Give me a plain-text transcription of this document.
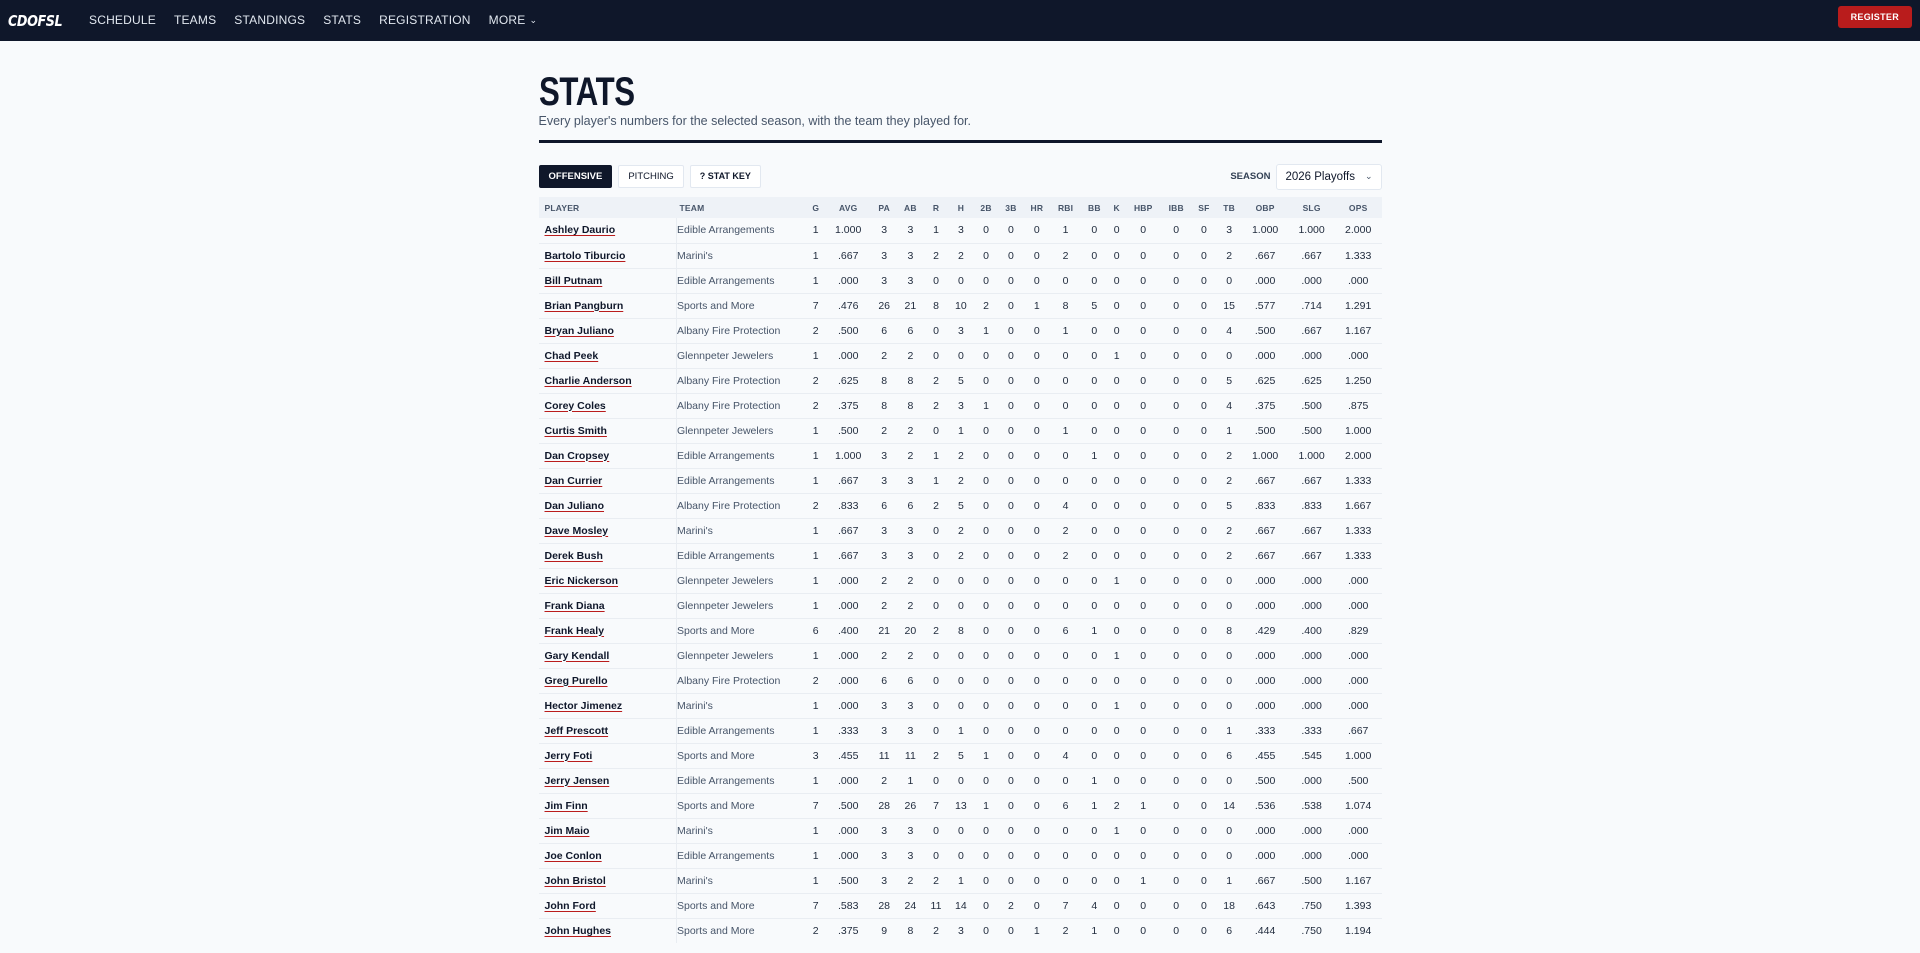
CDOFSL	SCHEDULE	TEAMS	STANDINGS	STATS	REGISTRATION	MORE ⌄	REGISTER
STATS

Every player's numbers for the selected season, with the team they played for.

OFFENSIVE	PITCHING	? STAT KEY	SEASON 2026 Playoffs ⌄
PLAYER	TEAM	G	AVG	PA	AB	R	H	2B	3B	HR	RBI	BB	K	HBP	IBB	SF	TB	OBP	SLG	OPS
Ashley Daurio	Edible Arrangements	1	1.000	3	3	1	3	0	0	0	1	0	0	0	0	0	3	1.000	1.000	2.000
Bartolo Tiburcio	Marini's	1	.667	3	3	2	2	0	0	0	2	0	0	0	0	0	2	.667	.667	1.333
Bill Putnam	Edible Arrangements	1	.000	3	3	0	0	0	0	0	0	0	0	0	0	0	0	.000	.000	.000
Brian Pangburn	Sports and More	7	.476	26	21	8	10	2	0	1	8	5	0	0	0	0	15	.577	.714	1.291
Bryan Juliano	Albany Fire Protection	2	.500	6	6	0	3	1	0	0	1	0	0	0	0	0	4	.500	.667	1.167
Chad Peek	Glennpeter Jewelers	1	.000	2	2	0	0	0	0	0	0	0	1	0	0	0	0	.000	.000	.000
Charlie Anderson	Albany Fire Protection	2	.625	8	8	2	5	0	0	0	0	0	0	0	0	0	5	.625	.625	1.250
Corey Coles	Albany Fire Protection	2	.375	8	8	2	3	1	0	0	0	0	0	0	0	0	4	.375	.500	.875
Curtis Smith	Glennpeter Jewelers	1	.500	2	2	0	1	0	0	0	1	0	0	0	0	0	1	.500	.500	1.000
Dan Cropsey	Edible Arrangements	1	1.000	3	2	1	2	0	0	0	0	1	0	0	0	0	2	1.000	1.000	2.000
Dan Currier	Edible Arrangements	1	.667	3	3	1	2	0	0	0	0	0	0	0	0	0	2	.667	.667	1.333
Dan Juliano	Albany Fire Protection	2	.833	6	6	2	5	0	0	0	4	0	0	0	0	0	5	.833	.833	1.667
Dave Mosley	Marini's	1	.667	3	3	0	2	0	0	0	2	0	0	0	0	0	2	.667	.667	1.333
Derek Bush	Edible Arrangements	1	.667	3	3	0	2	0	0	0	2	0	0	0	0	0	2	.667	.667	1.333
Eric Nickerson	Glennpeter Jewelers	1	.000	2	2	0	0	0	0	0	0	0	1	0	0	0	0	.000	.000	.000
Frank Diana	Glennpeter Jewelers	1	.000	2	2	0	0	0	0	0	0	0	0	0	0	0	0	.000	.000	.000
Frank Healy	Sports and More	6	.400	21	20	2	8	0	0	0	6	1	0	0	0	0	8	.429	.400	.829
Gary Kendall	Glennpeter Jewelers	1	.000	2	2	0	0	0	0	0	0	0	1	0	0	0	0	.000	.000	.000
Greg Purello	Albany Fire Protection	2	.000	6	6	0	0	0	0	0	0	0	0	0	0	0	0	.000	.000	.000
Hector Jimenez	Marini's	1	.000	3	3	0	0	0	0	0	0	0	1	0	0	0	0	.000	.000	.000
Jeff Prescott	Edible Arrangements	1	.333	3	3	0	1	0	0	0	0	0	0	0	0	0	1	.333	.333	.667
Jerry Foti	Sports and More	3	.455	11	11	2	5	1	0	0	4	0	0	0	0	0	6	.455	.545	1.000
Jerry Jensen	Edible Arrangements	1	.000	2	1	0	0	0	0	0	0	1	0	0	0	0	0	.500	.000	.500
Jim Finn	Sports and More	7	.500	28	26	7	13	1	0	0	6	1	2	1	0	0	14	.536	.538	1.074
Jim Maio	Marini's	1	.000	3	3	0	0	0	0	0	0	0	1	0	0	0	0	.000	.000	.000
Joe Conlon	Edible Arrangements	1	.000	3	3	0	0	0	0	0	0	0	0	0	0	0	0	.000	.000	.000
John Bristol	Marini's	1	.500	3	2	2	1	0	0	0	0	0	0	1	0	0	1	.667	.500	1.167
John Ford	Sports and More	7	.583	28	24	11	14	0	2	0	7	4	0	0	0	0	18	.643	.750	1.393
John Hughes	Sports and More	2	.375	9	8	2	3	0	0	1	2	1	0	0	0	0	6	.444	.750	1.194
